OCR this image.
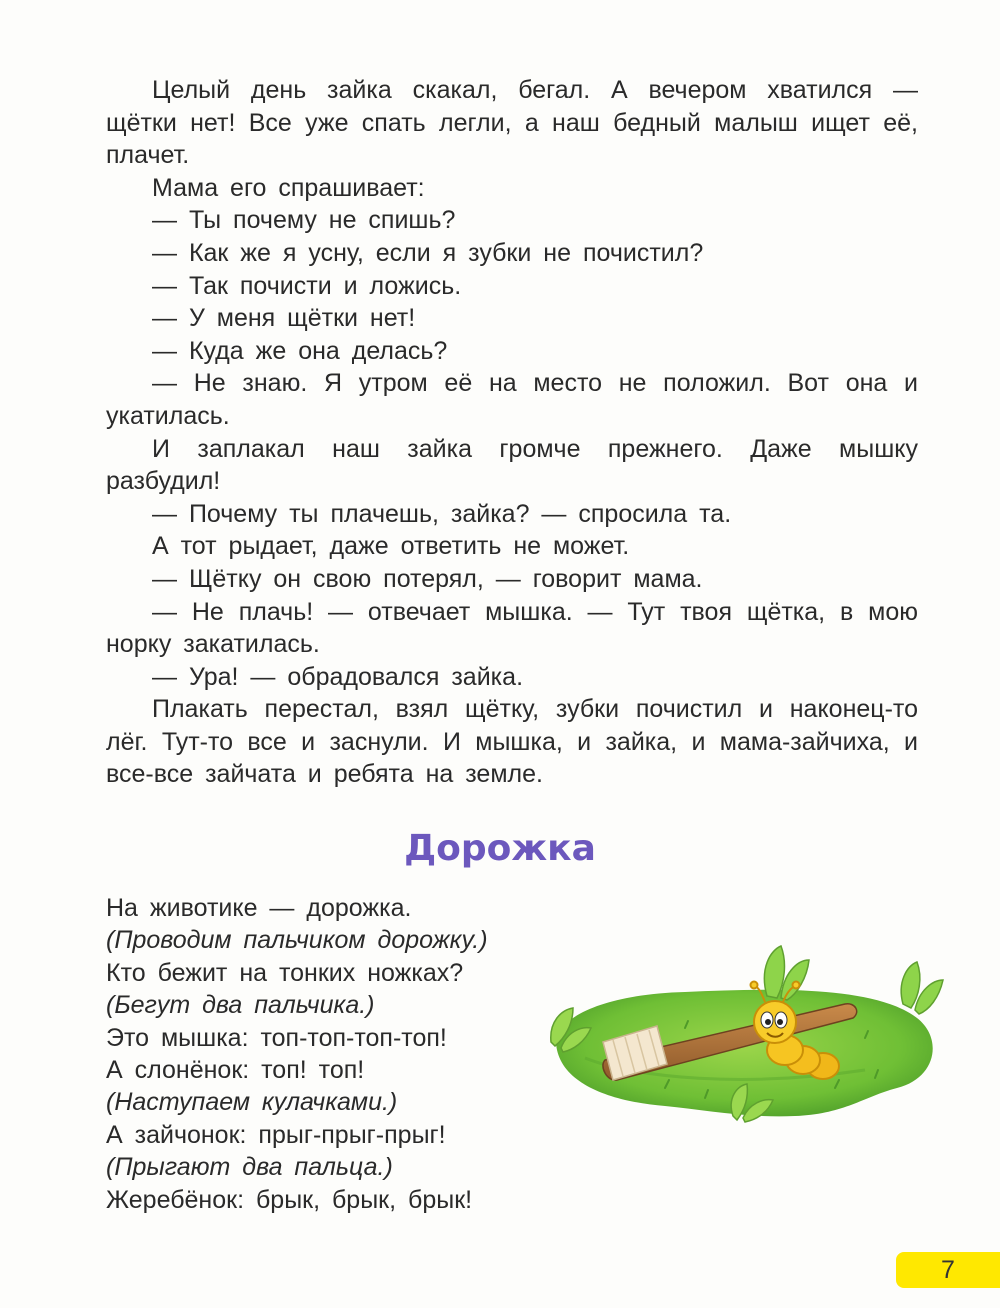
Целый день зайка скакал, бегал. А вечером хватился — щётки нет! Все уже спать легли, а наш бедный малыш ищет её, плачет.

Мама его спрашивает:

— Ты почему не спишь?

— Как же я усну, если я зубки не почистил?

— Так почисти и ложись.

— У меня щётки нет!

— Куда же она делась?

— Не знаю. Я утром её на место не положил. Вот она и укатилась.

И заплакал наш зайка громче прежнего. Даже мышку разбудил!

— Почему ты плачешь, зайка? — спросила та.

А тот рыдает, даже ответить не может.

— Щётку он свою потерял, — говорит мама.

— Не плачь! — отвечает мышка. — Тут твоя щётка, в мою норку закатилась.

— Ура! — обрадовался зайка.

Плакать перестал, взял щётку, зубки почистил и наконец-то лёг. Тут-то все и заснули. И мышка, и зайка, и мама-зайчиха, и все-все зайчата и ребята на земле.

Дорожка

На животике — дорожка.

(Проводим пальчиком дорожку.)

Кто бежит на тонких ножках?

(Бегут два пальчика.)

Это мышка: топ-топ-топ-топ!

А слонёнок: топ! топ!

(Наступаем кулачками.)

А зайчонок: прыг-прыг-прыг!

(Прыгают два пальца.)

Жеребёнок: брык, брык, брык!

7
